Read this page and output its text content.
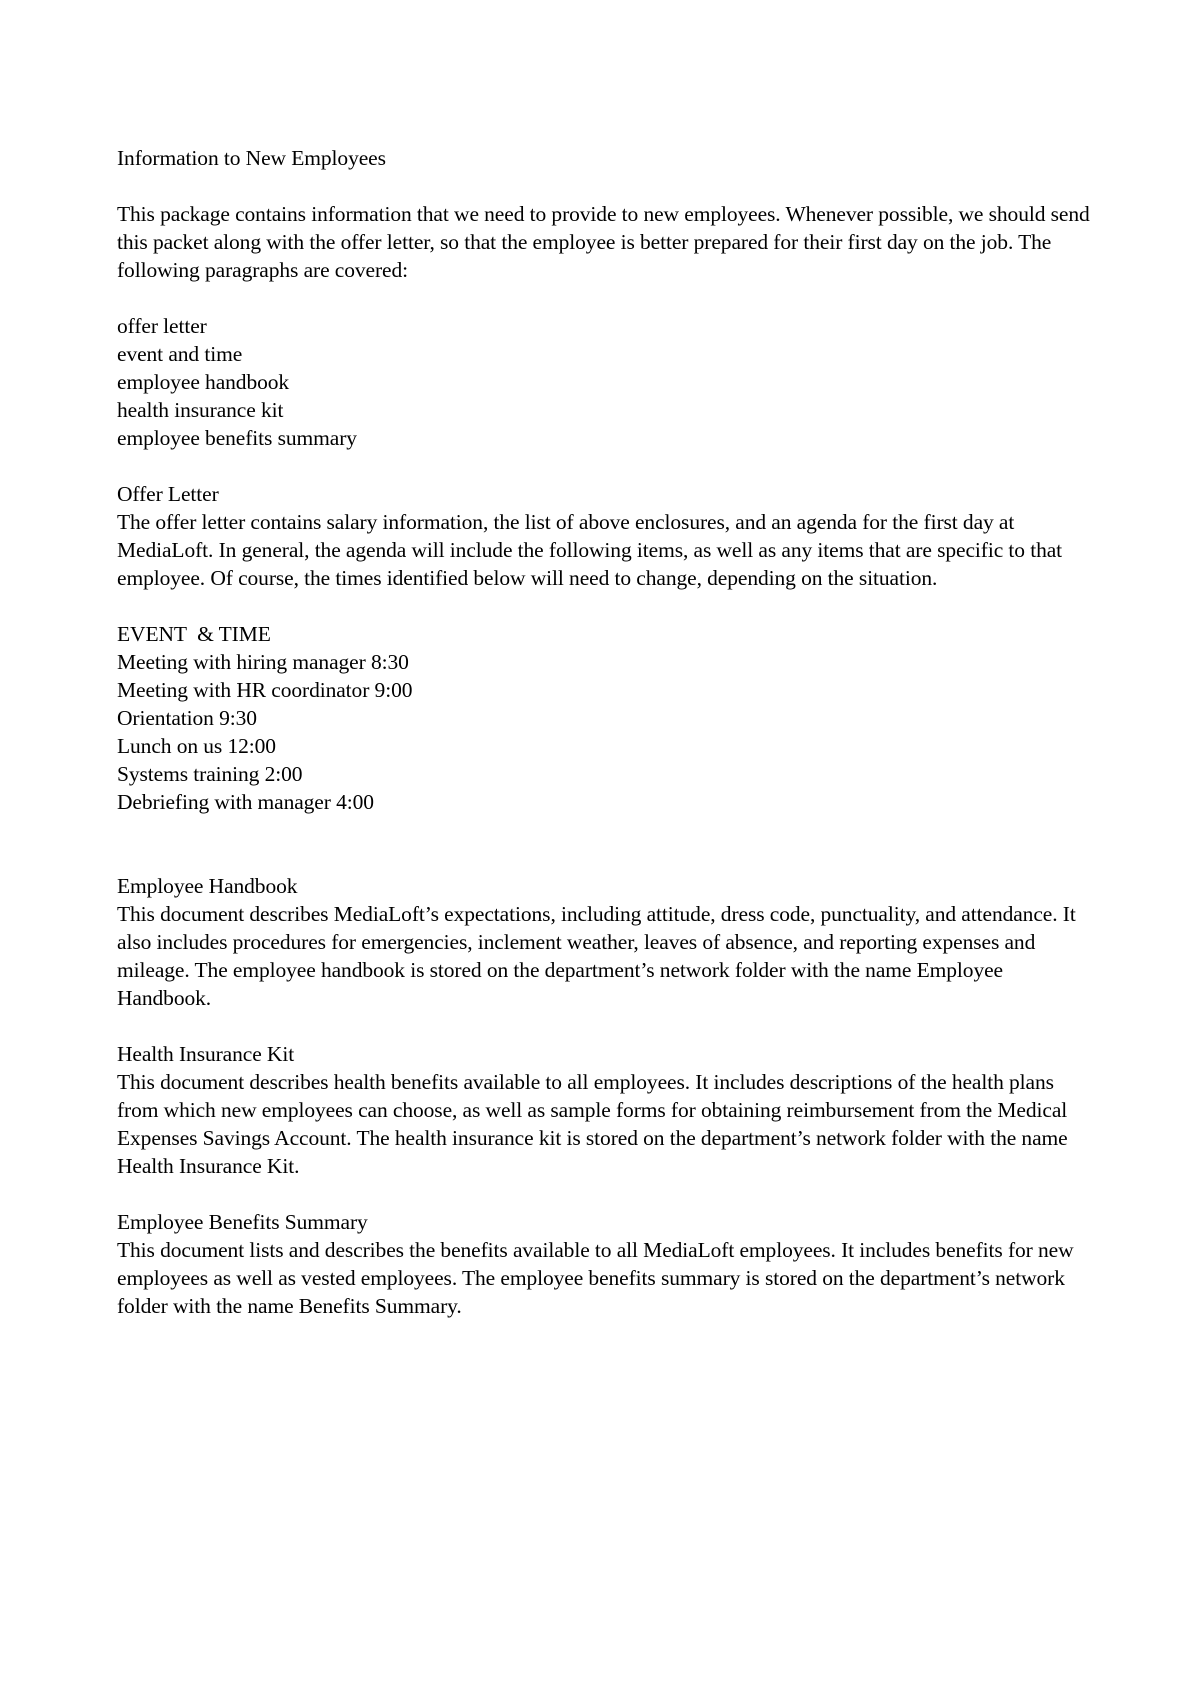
Information to New Employees

This package contains information that we need to provide to new employees. Whenever possible, we should send this packet along with the offer letter, so that the employee is better prepared for their first day on the job. The following paragraphs are covered:

offer letter
event and time
employee handbook
health insurance kit
employee benefits summary
Offer Letter

The offer letter contains salary information, the list of above enclosures, and an agenda for the first day at MediaLoft. In general, the agenda will include the following items, as well as any items that are specific to that employee. Of course, the times identified below will need to change, depending on the situation.

EVENT  & TIME
Meeting with hiring manager 8:30
Meeting with HR coordinator 9:00
Orientation 9:30
Lunch on us 12:00
Systems training 2:00
Debriefing with manager 4:00
Employee Handbook

This document describes MediaLoft’s expectations, including attitude, dress code, punctuality, and attendance. It also includes procedures for emergencies, inclement weather, leaves of absence, and reporting expenses and mileage. The employee handbook is stored on the department’s network folder with the name Employee Handbook.

Health Insurance Kit

This document describes health benefits available to all employees. It includes descriptions of the health plans from which new employees can choose, as well as sample forms for obtaining reimbursement from the Medical Expenses Savings Account. The health insurance kit is stored on the department’s network folder with the name Health Insurance Kit.

Employee Benefits Summary

This document lists and describes the benefits available to all MediaLoft employees. It includes benefits for new employees as well as vested employees. The employee benefits summary is stored on the department’s network folder with the name Benefits Summary.
